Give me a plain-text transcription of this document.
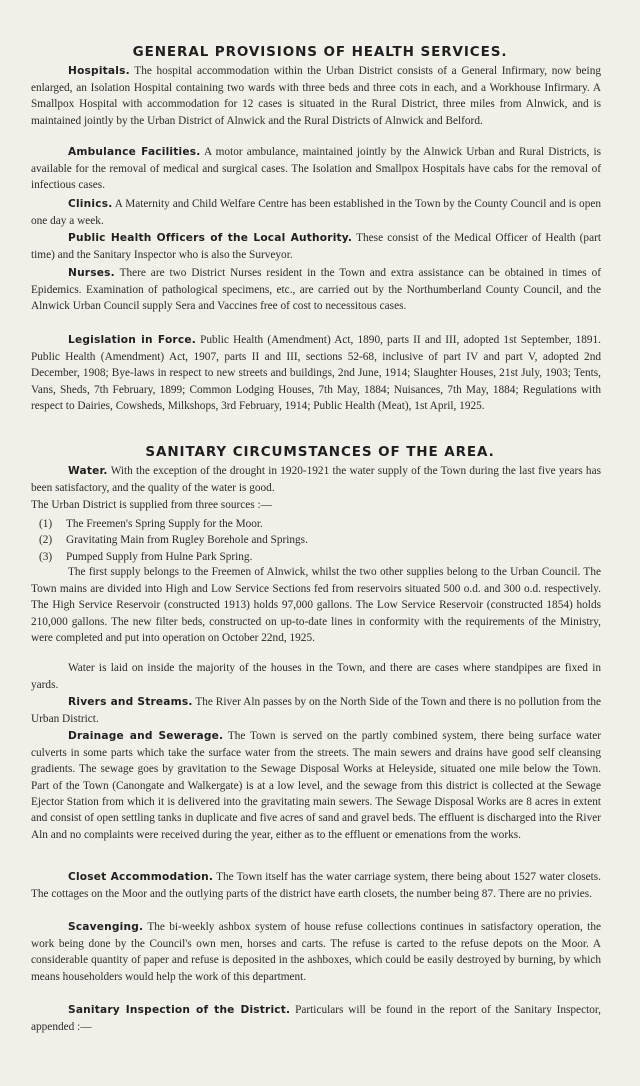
GENERAL PROVISIONS OF HEALTH SERVICES.

Hospitals. The hospital accommodation within the Urban District consists of a General Infirmary, now being enlarged, an Isolation Hospital containing two wards with three beds and three cots in each, and a Workhouse Infirmary. A Smallpox Hospital with accommodation for 12 cases is situated in the Rural District, three miles from Alnwick, and is maintained jointly by the Urban District of Alnwick and the Rural Districts of Alnwick and Belford.

Ambulance Facilities. A motor ambulance, maintained jointly by the Alnwick Urban and Rural Districts, is available for the removal of medical and surgical cases. The Isolation and Smallpox Hospitals have cabs for the removal of infectious cases.

Clinics. A Maternity and Child Welfare Centre has been established in the Town by the County Council and is open one day a week.

Public Health Officers of the Local Authority. These consist of the Medical Officer of Health (part time) and the Sanitary Inspector who is also the Surveyor.

Nurses. There are two District Nurses resident in the Town and extra assistance can be obtained in times of Epidemics. Examination of pathological specimens, etc., are carried out by the Northumberland County Council, and the Alnwick Urban Council supply Sera and Vaccines free of cost to necessitous cases.

Legislation in Force. Public Health (Amendment) Act, 1890, parts II and III, adopted 1st September, 1891. Public Health (Amendment) Act, 1907, parts II and III, sections 52-68, inclusive of part IV and part V, adopted 2nd December, 1908; Bye-laws in respect to new streets and buildings, 2nd June, 1914; Slaughter Houses, 21st July, 1903; Tents, Vans, Sheds, 7th February, 1899; Common Lodging Houses, 7th May, 1884; Nuisances, 7th May, 1884; Regulations with respect to Dairies, Cowsheds, Milkshops, 3rd February, 1914; Public Health (Meat), 1st April, 1925.

SANITARY CIRCUMSTANCES OF THE AREA.

Water. With the exception of the drought in 1920-1921 the water supply of the Town during the last five years has been satisfactory, and the quality of the water is good.

The Urban District is supplied from three sources :—

(1) The Freemen's Spring Supply for the Moor.
(2) Gravitating Main from Rugley Borehole and Springs.
(3) Pumped Supply from Hulne Park Spring.

The first supply belongs to the Freemen of Alnwick, whilst the two other supplies belong to the Urban Council. The Town mains are divided into High and Low Service Sections fed from reservoirs situated 500 o.d. and 300 o.d. respectively. The High Service Reservoir (constructed 1913) holds 97,000 gallons. The Low Service Reservoir (constructed 1854) holds 210,000 gallons. The new filter beds, constructed on up-to-date lines in conformity with the requirements of the Ministry, were completed and put into operation on October 22nd, 1925.

Water is laid on inside the majority of the houses in the Town, and there are cases where standpipes are fixed in yards.

Rivers and Streams. The River Aln passes by on the North Side of the Town and there is no pollution from the Urban District.

Drainage and Sewerage. The Town is served on the partly combined system, there being surface water culverts in some parts which take the surface water from the streets. The main sewers and drains have good self cleansing gradients. The sewage goes by gravitation to the Sewage Disposal Works at Heleyside, situated one mile below the Town. Part of the Town (Canongate and Walkergate) is at a low level, and the sewage from this district is collected at the Sewage Ejector Station from which it is delivered into the gravitating main sewers. The Sewage Disposal Works are 8 acres in extent and consist of open settling tanks in duplicate and five acres of sand and gravel beds. The effluent is discharged into the River Aln and no complaints were received during the year, either as to the effluent or emenations from the works.

Closet Accommodation. The Town itself has the water carriage system, there being about 1527 water closets. The cottages on the Moor and the outlying parts of the district have earth closets, the number being 87. There are no privies.

Scavenging. The bi-weekly ashbox system of house refuse collections continues in satisfactory operation, the work being done by the Council's own men, horses and carts. The refuse is carted to the refuse depots on the Moor. A considerable quantity of paper and refuse is deposited in the ashboxes, which could be easily destroyed by burning, by which means householders would help the work of this department.

Sanitary Inspection of the District. Particulars will be found in the report of the Sanitary Inspector, appended :—
